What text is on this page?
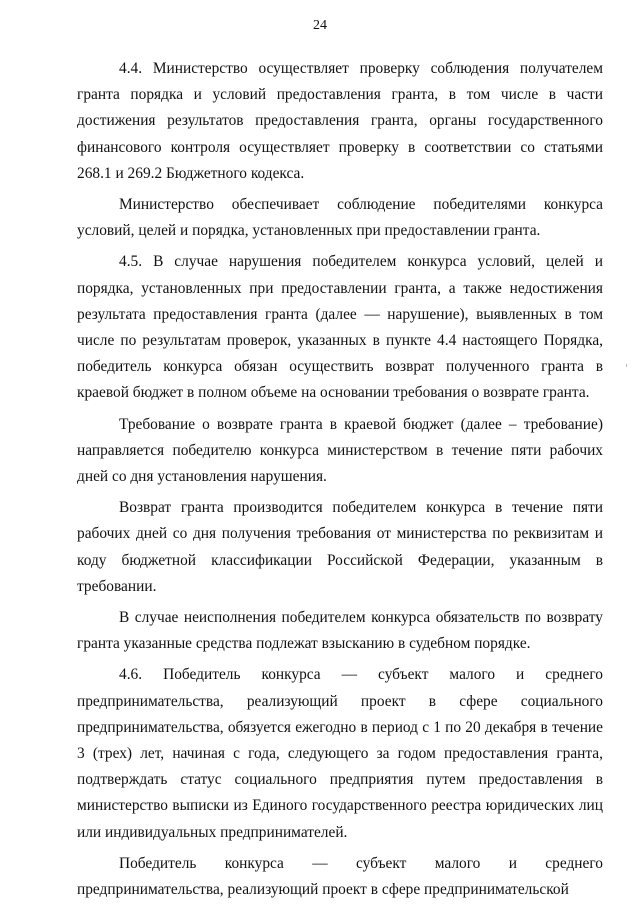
24

4.4. Министерство осуществляет проверку соблюдения получателем гранта порядка и условий предоставления гранта, в том числе в части достижения результатов предоставления гранта, органы государственного финансового контроля осуществляет проверку в соответствии со статьями 268.1 и 269.2 Бюджетного кодекса.

Министерство обеспечивает соблюдение победителями конкурса условий, целей и порядка, установленных при предоставлении гранта.

4.5. В случае нарушения победителем конкурса условий, целей и порядка, установленных при предоставлении гранта, а также недостижения результата предоставления гранта (далее — нарушение), выявленных в том числе по результатам проверок, указанных в пункте 4.4 настоящего Порядка, победитель конкурса обязан осуществить возврат полученного гранта в краевой бюджет в полном объеме на основании требования о возврате гранта.

Требование о возврате гранта в краевой бюджет (далее – требование) направляется победителю конкурса министерством в течение пяти рабочих дней со дня установления нарушения.

Возврат гранта производится победителем конкурса в течение пяти рабочих дней со дня получения требования от министерства по реквизитам и коду бюджетной классификации Российской Федерации, указанным в требовании.

В случае неисполнения победителем конкурса обязательств по возврату гранта указанные средства подлежат взысканию в судебном порядке.

4.6. Победитель конкурса — субъект малого и среднего предпринимательства, реализующий проект в сфере социального предпринимательства, обязуется ежегодно в период с 1 по 20 декабря в течение 3 (трех) лет, начиная с года, следующего за годом предоставления гранта, подтверждать статус социального предприятия путем предоставления в министерство выписки из Единого государственного реестра юридических лиц или индивидуальных предпринимателей.

Победитель конкурса — субъект малого и среднего предпринимательства, реализующий проект в сфере предпринимательской
